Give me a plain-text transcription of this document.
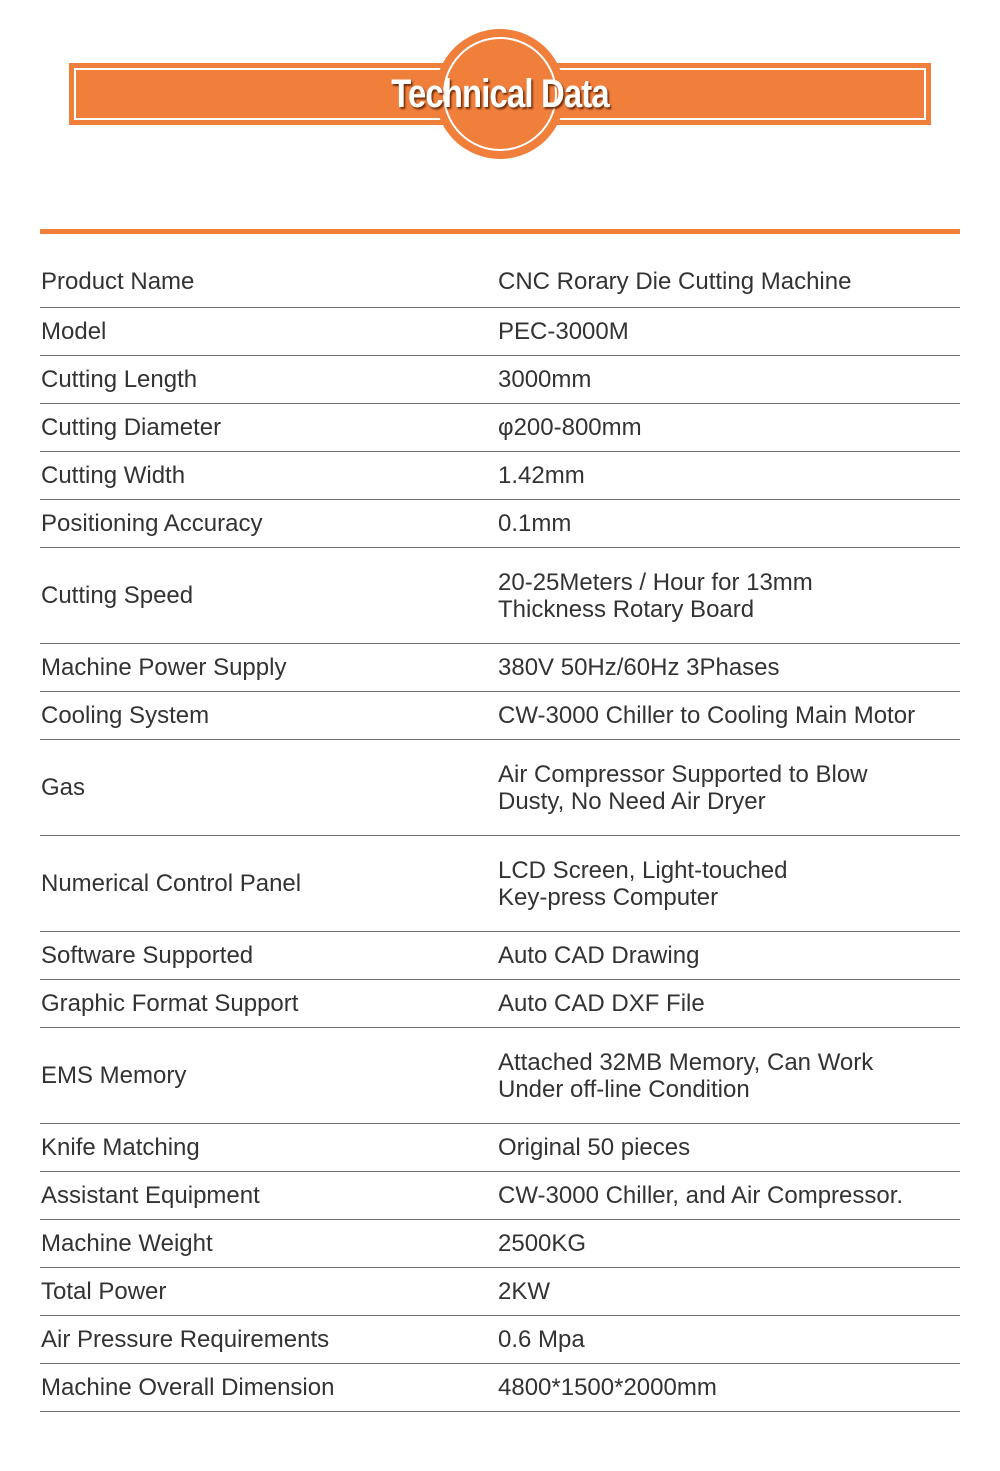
Technical Data
Product Name	CNC Rorary Die Cutting Machine
Model	PEC-3000M
Cutting Length	3000mm
Cutting Diameter	φ200-800mm
Cutting Width	1.42mm
Positioning Accuracy	0.1mm
Cutting Speed	20-25Meters / Hour for 13mm
Thickness Rotary Board
Machine Power Supply	380V 50Hz/60Hz 3Phases
Cooling System	CW-3000 Chiller to Cooling Main Motor
Gas	Air Compressor Supported to Blow
Dusty, No Need Air Dryer
Numerical Control Panel	LCD Screen, Light-touched
Key-press Computer
Software Supported	Auto CAD Drawing
Graphic Format Support	Auto CAD DXF File
EMS Memory	Attached 32MB Memory, Can Work
Under off-line Condition
Knife Matching	Original 50 pieces
Assistant Equipment	CW-3000 Chiller, and Air Compressor.
Machine Weight	2500KG
Total Power	2KW
Air Pressure Requirements	0.6 Mpa
Machine Overall Dimension	4800*1500*2000mm
